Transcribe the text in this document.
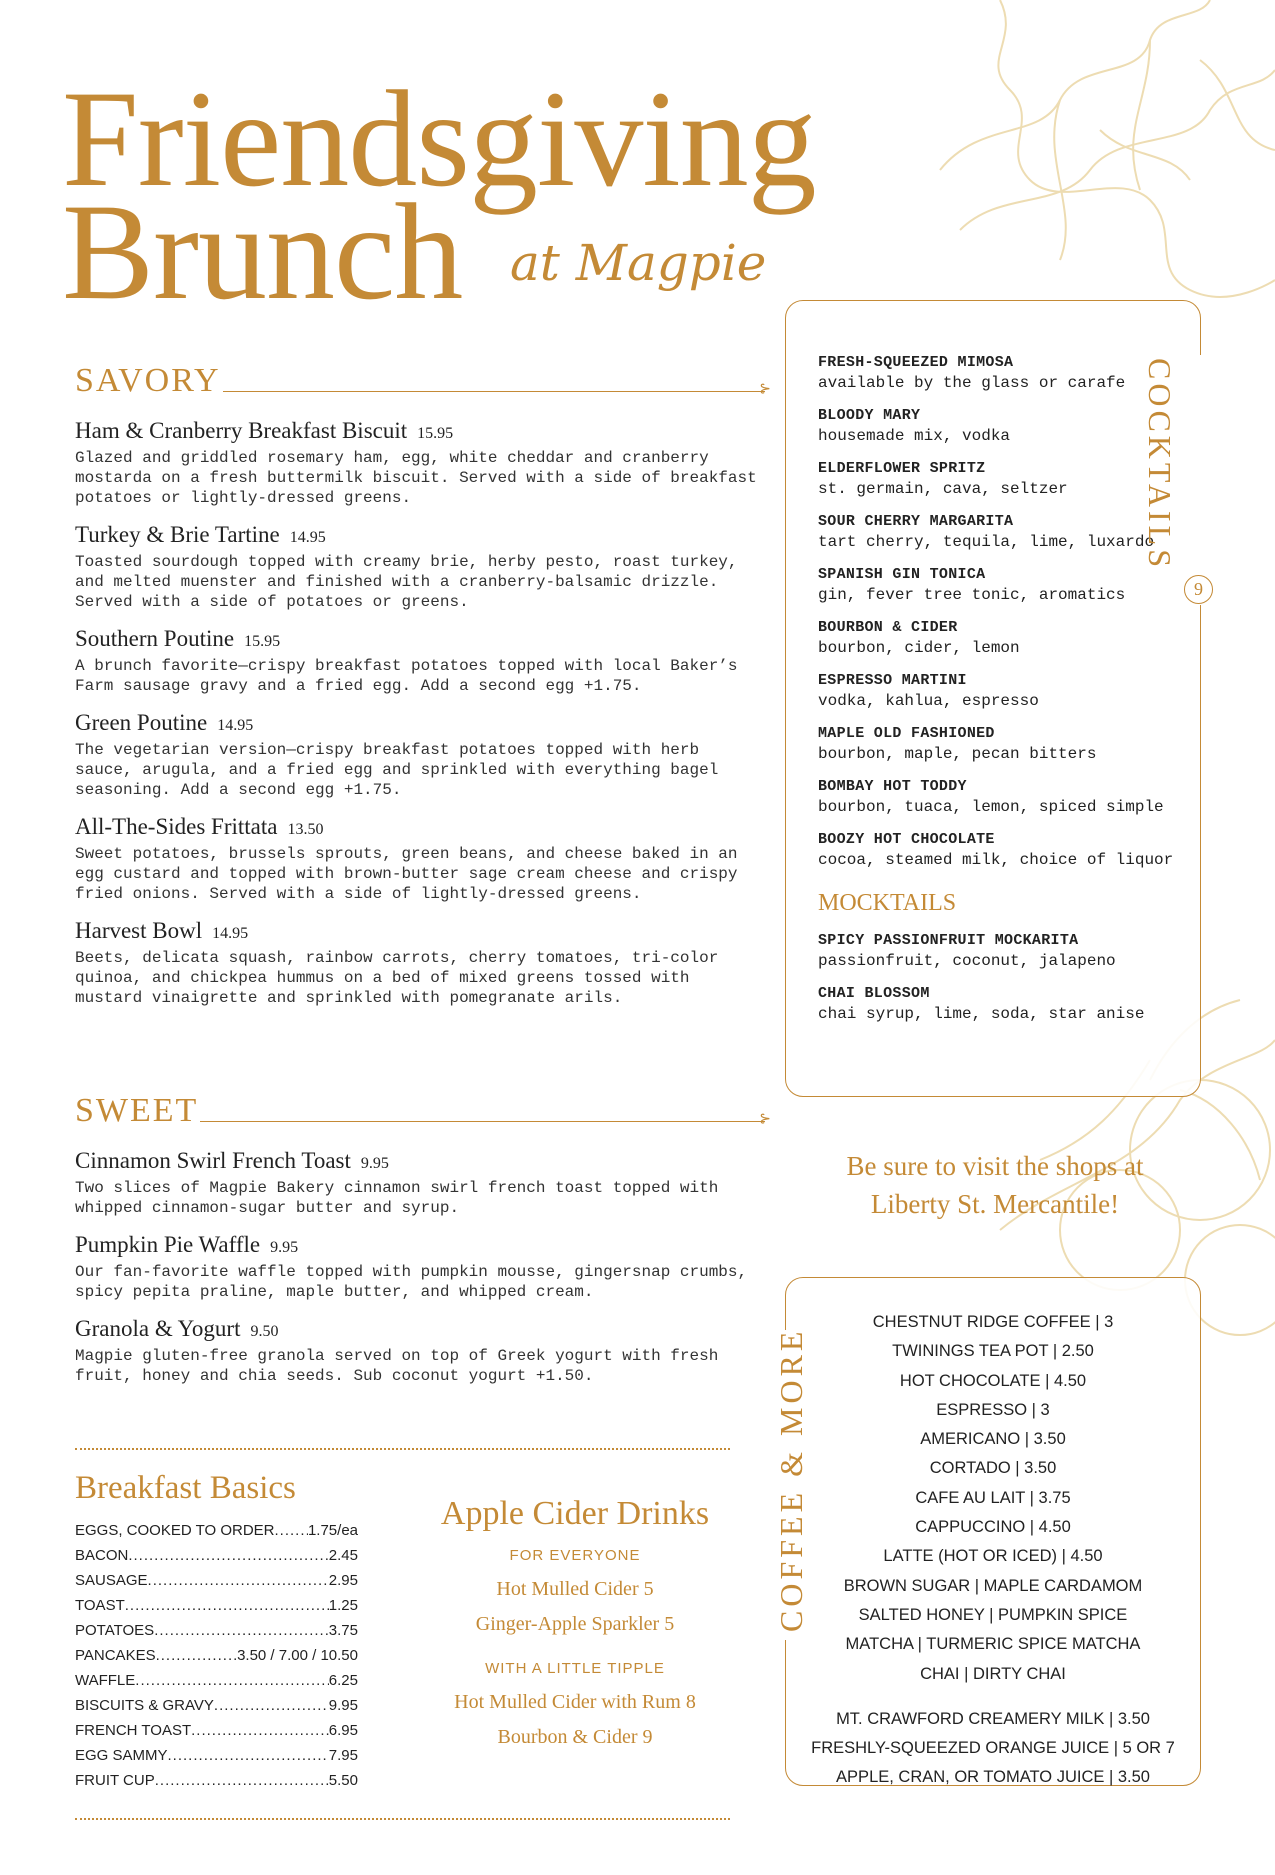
Friendsgiving
Brunch at Magpie
SAVORY
⊱
Ham & Cranberry Breakfast Biscuit 15.95
Glazed and griddled rosemary ham, egg, white cheddar and cranberry mostarda on a fresh buttermilk biscuit. Served with a side of breakfast potatoes or lightly-dressed greens.
Turkey & Brie Tartine 14.95
Toasted sourdough topped with creamy brie, herby pesto, roast turkey, and melted muenster and finished with a cranberry-balsamic drizzle. Served with a side of potatoes or greens.
Southern Poutine 15.95
A brunch favorite—crispy breakfast potatoes topped with local Baker’s Farm sausage gravy and a fried egg. Add a second egg +1.75.
Green Poutine 14.95
The vegetarian version—crispy breakfast potatoes topped with herb sauce, arugula, and a fried egg and sprinkled with everything bagel seasoning. Add a second egg +1.75.
All-The-Sides Frittata 13.50
Sweet potatoes, brussels sprouts, green beans, and cheese baked in an egg custard and topped with brown-butter sage cream cheese and crispy fried onions. Served with a side of lightly-dressed greens.
Harvest Bowl 14.95
Beets, delicata squash, rainbow carrots, cherry tomatoes, tri-color quinoa, and chickpea hummus on a bed of mixed greens tossed with mustard vinaigrette and sprinkled with pomegranate arils.
SWEET
⊱
Cinnamon Swirl French Toast 9.95
Two slices of Magpie Bakery cinnamon swirl french toast topped with whipped cinnamon-sugar butter and syrup.
Pumpkin Pie Waffle 9.95
Our fan-favorite waffle topped with pumpkin mousse, gingersnap crumbs, spicy pepita praline, maple butter, and whipped cream.
Granola & Yogurt 9.50
Magpie gluten-free granola served on top of Greek yogurt with fresh fruit, honey and chia seeds. Sub coconut yogurt +1.50.
FRESH-SQUEEZED MIMOSA
available by the glass or carafe
BLOODY MARY
housemade mix, vodka
ELDERFLOWER SPRITZ
st. germain, cava, seltzer
SOUR CHERRY MARGARITA
tart cherry, tequila, lime, luxardo
SPANISH GIN TONICA
gin, fever tree tonic, aromatics
BOURBON & CIDER
bourbon, cider, lemon
ESPRESSO MARTINI
vodka, kahlua, espresso
MAPLE OLD FASHIONED
bourbon, maple, pecan bitters
BOMBAY HOT TODDY
bourbon, tuaca, lemon, spiced simple
BOOZY HOT CHOCOLATE
cocoa, steamed milk, choice of liquor
MOCKTAILS
SPICY PASSIONFRUIT MOCKARITA
passionfruit, coconut, jalapeno
CHAI BLOSSOM
chai syrup, lime, soda, star anise
COCKTAILS
9
Be sure to visit the shops at
Liberty St. Mercantile!
CHESTNUT RIDGE COFFEE | 3
TWININGS TEA POT | 2.50
HOT CHOCOLATE | 4.50
ESPRESSO | 3
AMERICANO | 3.50
CORTADO | 3.50
CAFE AU LAIT | 3.75
CAPPUCCINO | 4.50
LATTE (HOT OR ICED) | 4.50
BROWN SUGAR | MAPLE CARDAMOM
SALTED HONEY | PUMPKIN SPICE
MATCHA | TURMERIC SPICE MATCHA
CHAI | DIRTY CHAI
MT. CRAWFORD CREAMERY MILK | 3.50
FRESHLY-SQUEEZED ORANGE JUICE | 5 OR 7
APPLE, CRAN, OR TOMATO JUICE | 3.50
COFFEE & MORE
Breakfast Basics
EGGS, COOKED TO ORDER ..... 1.75/ea
BACON .....	2.45
SAUSAGE .....	2.95
TOAST .....	1.25
POTATOES .....	3.75
PANCAKES .....	3.50 / 7.00 / 10.50
WAFFLE .....	6.25
BISCUITS & GRAVY .....	9.95
FRENCH TOAST .....	6.95
EGG SAMMY .....	7.95
FRUIT CUP .....	5.50
Apple Cider Drinks
FOR EVERYONE
Hot Mulled Cider 5
Ginger-Apple Sparkler 5
WITH A LITTLE TIPPLE
Hot Mulled Cider with Rum 8
Bourbon & Cider 9
